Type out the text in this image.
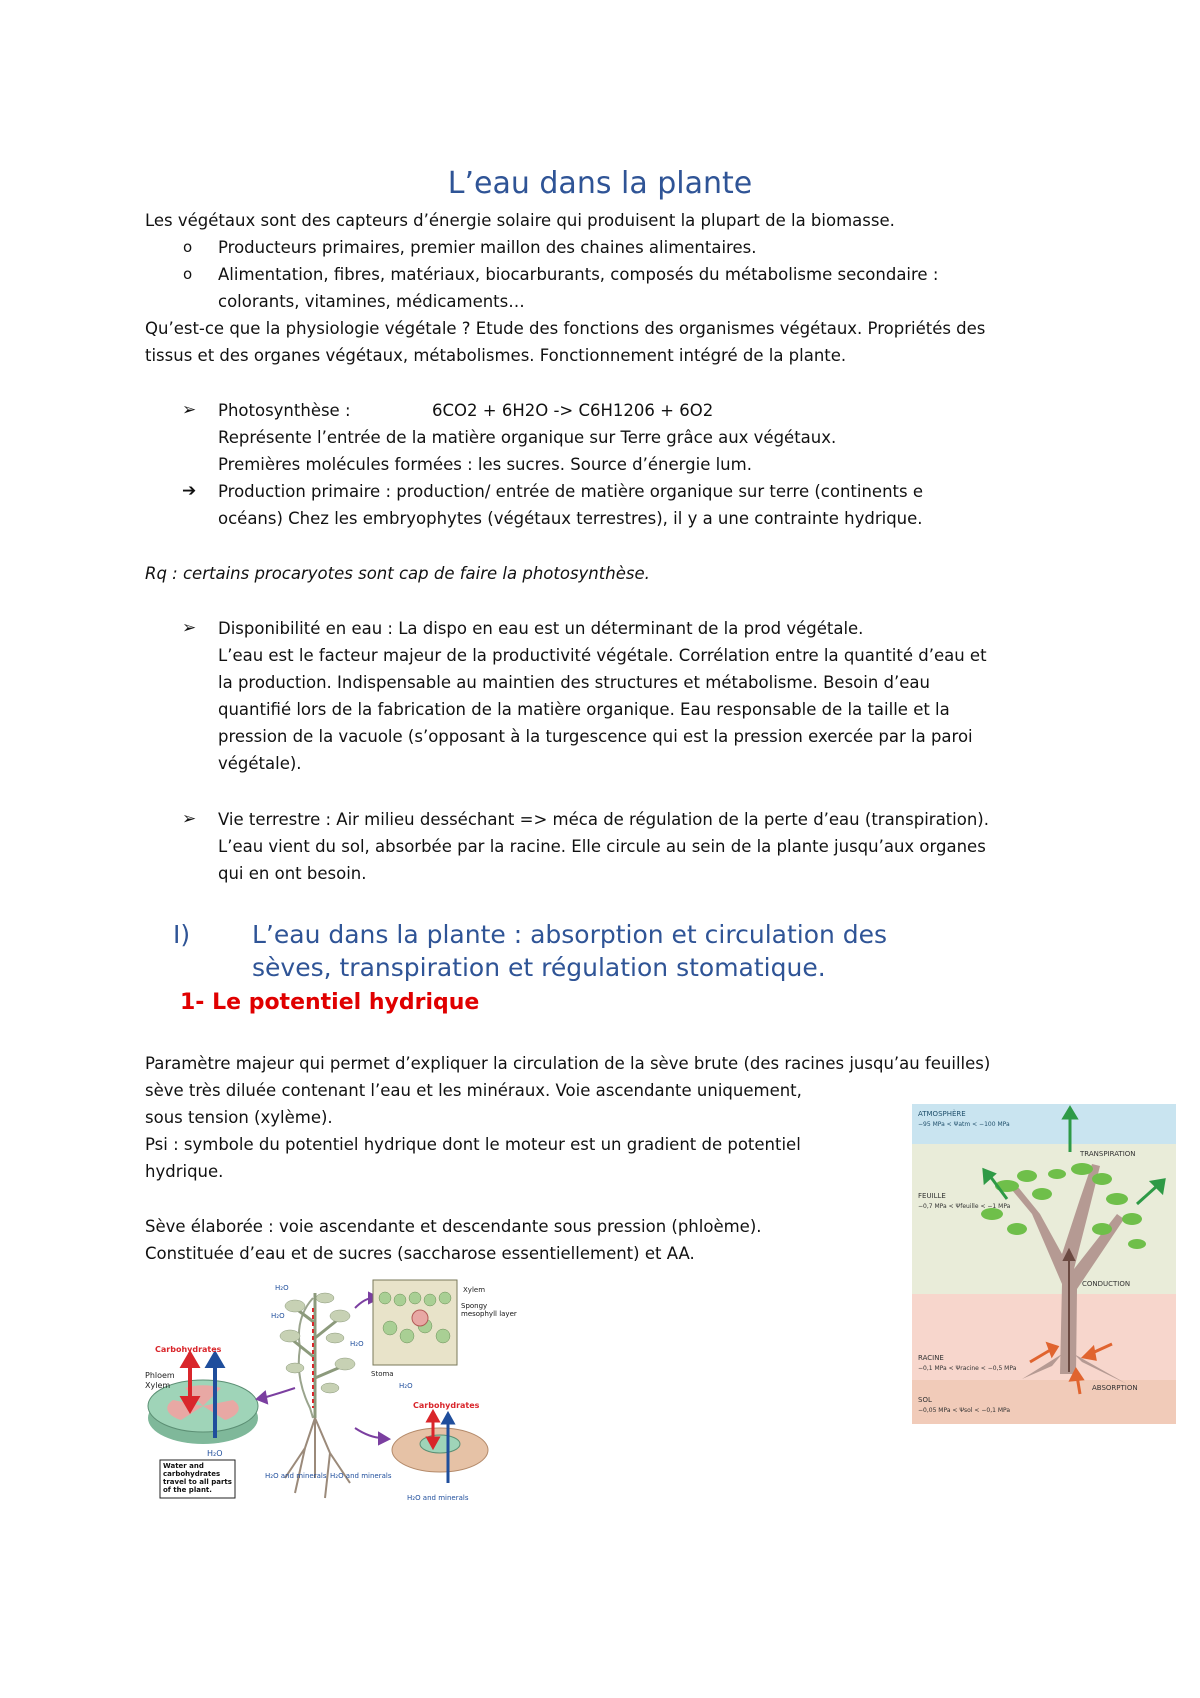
L’eau dans la plante
Les végétaux sont des capteurs d’énergie solaire qui produisent la plupart de la biomasse.
o Producteurs primaires, premier maillon des chaines alimentaires.
o Alimentation, fibres, matériaux, biocarburants, composés du métabolisme secondaire :
colorants, vitamines, médicaments…
Qu’est-ce que la physiologie végétale ? Etude des fonctions des organismes végétaux. Propriétés des
tissus et des organes végétaux, métabolismes. Fonctionnement intégré de la plante.
➢ Photosynthèse :	6CO2 + 6H2O -> C6H1206 + 6O2
Représente l’entrée de la matière organique sur Terre grâce aux végétaux.
Premières molécules formées : les sucres. Source d’énergie lum.
➔ Production primaire : production/ entrée de matière organique sur terre (continents e
océans) Chez les embryophytes (végétaux terrestres), il y a une contrainte hydrique.
Rq : certains procaryotes sont cap de faire la photosynthèse.
➢ Disponibilité en eau : La dispo en eau est un déterminant de la prod végétale.
L’eau est le facteur majeur de la productivité végétale. Corrélation entre la quantité d’eau et
la production. Indispensable au maintien des structures et métabolisme. Besoin d’eau
quantifié lors de la fabrication de la matière organique. Eau responsable de la taille et la
pression de la vacuole (s’opposant à la turgescence qui est la pression exercée par la paroi
végétale).
➢ Vie terrestre : Air milieu desséchant => méca de régulation de la perte d’eau (transpiration).
L’eau vient du sol, absorbée par la racine. Elle circule au sein de la plante jusqu’aux organes
qui en ont besoin.
I) L’eau dans la plante : absorption et circulation des
sèves, transpiration et régulation stomatique.
1- Le potentiel hydrique
Paramètre majeur qui permet d’expliquer la circulation de la sève brute (des racines jusqu’au feuilles)
sève très diluée contenant l’eau et les minéraux. Voie ascendante uniquement,
sous tension (xylème).
Psi : symbole du potentiel hydrique dont le moteur est un gradient de potentiel
hydrique.
Sève élaborée : voie ascendante et descendante sous pression (phloème).
Constituée d’eau et de sucres (saccharose essentiellement) et AA.
ATMOSPHÈRE
−95 MPa < Ψatm < −100 MPa
TRANSPIRATION
FEUILLE
−0,7 MPa < Ψfeuille < −1 MPa
CONDUCTION
RACINE
−0,1 MPa < Ψracine < −0,5 MPa
ABSORPTION
SOL
−0,05 MPa < Ψsol < −0,1 MPa
Carbohydrates
Phloem
Xylem
H₂O
Water and carbohydrates travel to all parts of the plant.
H₂O
H₂O
H₂O
H₂O and minerals H₂O and minerals
Xylem
Spongy mesophyll layer
Stoma
H₂O
Carbohydrates
H₂O and minerals
